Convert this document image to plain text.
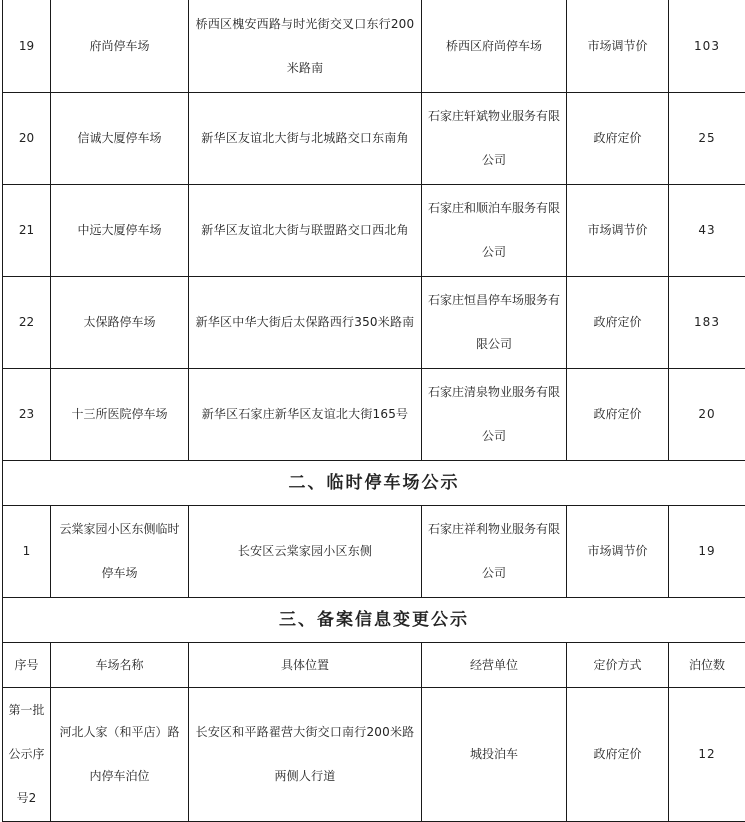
19	府尚停车场	桥西区槐安西路与时光街交叉口东行200米路南	桥西区府尚停车场	市场调节价	103
20	信诚大厦停车场	新华区友谊北大街与北城路交口东南角	石家庄轩斌物业服务有限公司	政府定价	25
21	中远大厦停车场	新华区友谊北大街与联盟路交口西北角	石家庄和顺泊车服务有限公司	市场调节价	43
22	太保路停车场	新华区中华大街后太保路西行350米路南	石家庄恒昌停车场服务有限公司	政府定价	183
23	十三所医院停车场	新华区石家庄新华区友谊北大街165号	石家庄清泉物业服务有限公司	政府定价	20
二、临时停车场公示					
1	云棠家园小区东侧临时停车场	长安区云棠家园小区东侧	石家庄祥利物业服务有限公司	市场调节价	19
三、备案信息变更公示					
序号	车场名称	具体位置	经营单位	定价方式	泊位数
第一批公示序号2	河北人家（和平店）路内停车泊位	长安区和平路翟营大街交口南行200米路两侧人行道	城投泊车	政府定价	12
